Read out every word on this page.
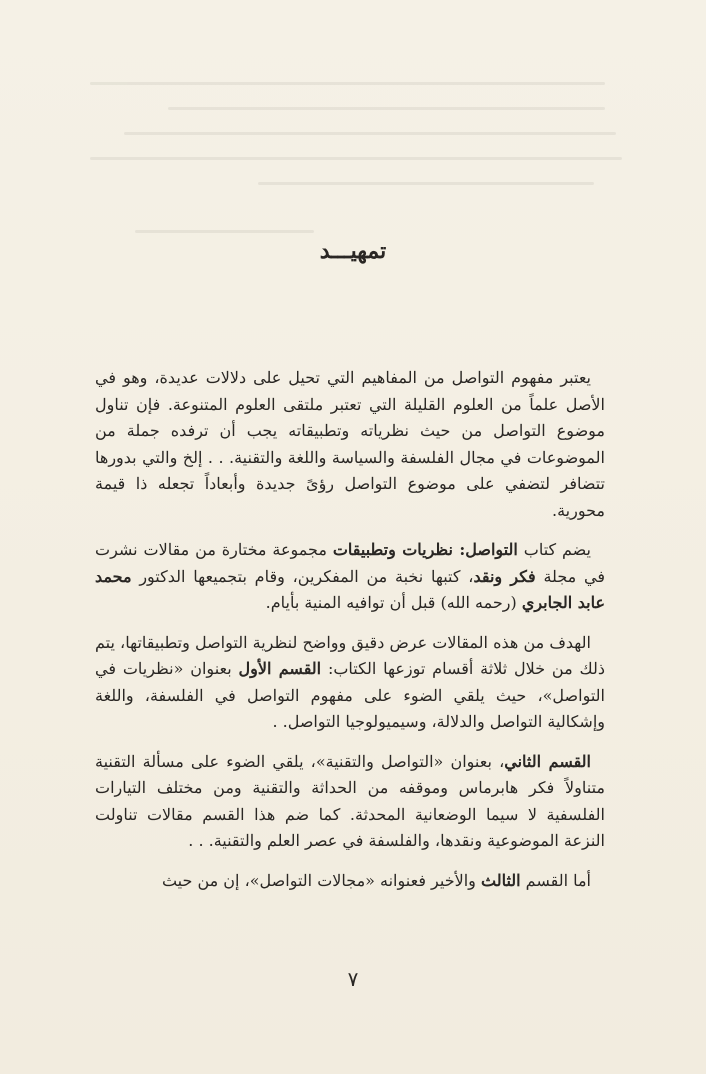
تمهيـــد

يعتبر مفهوم التواصل من المفاهيم التي تحيل على دلالات عديدة، وهو في الأصل علماً من العلوم القليلة التي تعتبر ملتقى العلوم المتنوعة. فإن تناول موضوع التواصل من حيث نظرياته وتطبيقاته يجب أن ترفده جملة من الموضوعات في مجال الفلسفة والسياسة واللغة والتقنية. . . إلخ والتي بدورها تتضافر لتضفي على موضوع التواصل رؤىً جديدة وأبعاداً تجعله ذا قيمة محورية.

يضم كتاب التواصل: نظريات وتطبيقات مجموعة مختارة من مقالات نشرت في مجلة فكر ونقد، كتبها نخبة من المفكرين، وقام بتجميعها الدكتور محمد عابد الجابري (رحمه الله) قبل أن توافيه المنية بأيام.

الهدف من هذه المقالات عرض دقيق وواضح لنظرية التواصل وتطبيقاتها، يتم ذلك من خلال ثلاثة أقسام توزعها الكتاب: القسم الأول بعنوان «نظريات في التواصل»، حيث يلقي الضوء على مفهوم التواصل في الفلسفة، واللغة وإشكالية التواصل والدلالة، وسيميولوجيا التواصل. .

القسم الثاني، بعنوان «التواصل والتقنية»، يلقي الضوء على مسألة التقنية متناولاً فكر هابرماس وموقفه من الحداثة والتقنية ومن مختلف التيارات الفلسفية لا سيما الوضعانية المحدثة. كما ضم هذا القسم مقالات تناولت النزعة الموضوعية ونقدها، والفلسفة في عصر العلم والتقنية. . .

أما القسم الثالث والأخير فعنوانه «مجالات التواصل»، إن من حيث

٧
